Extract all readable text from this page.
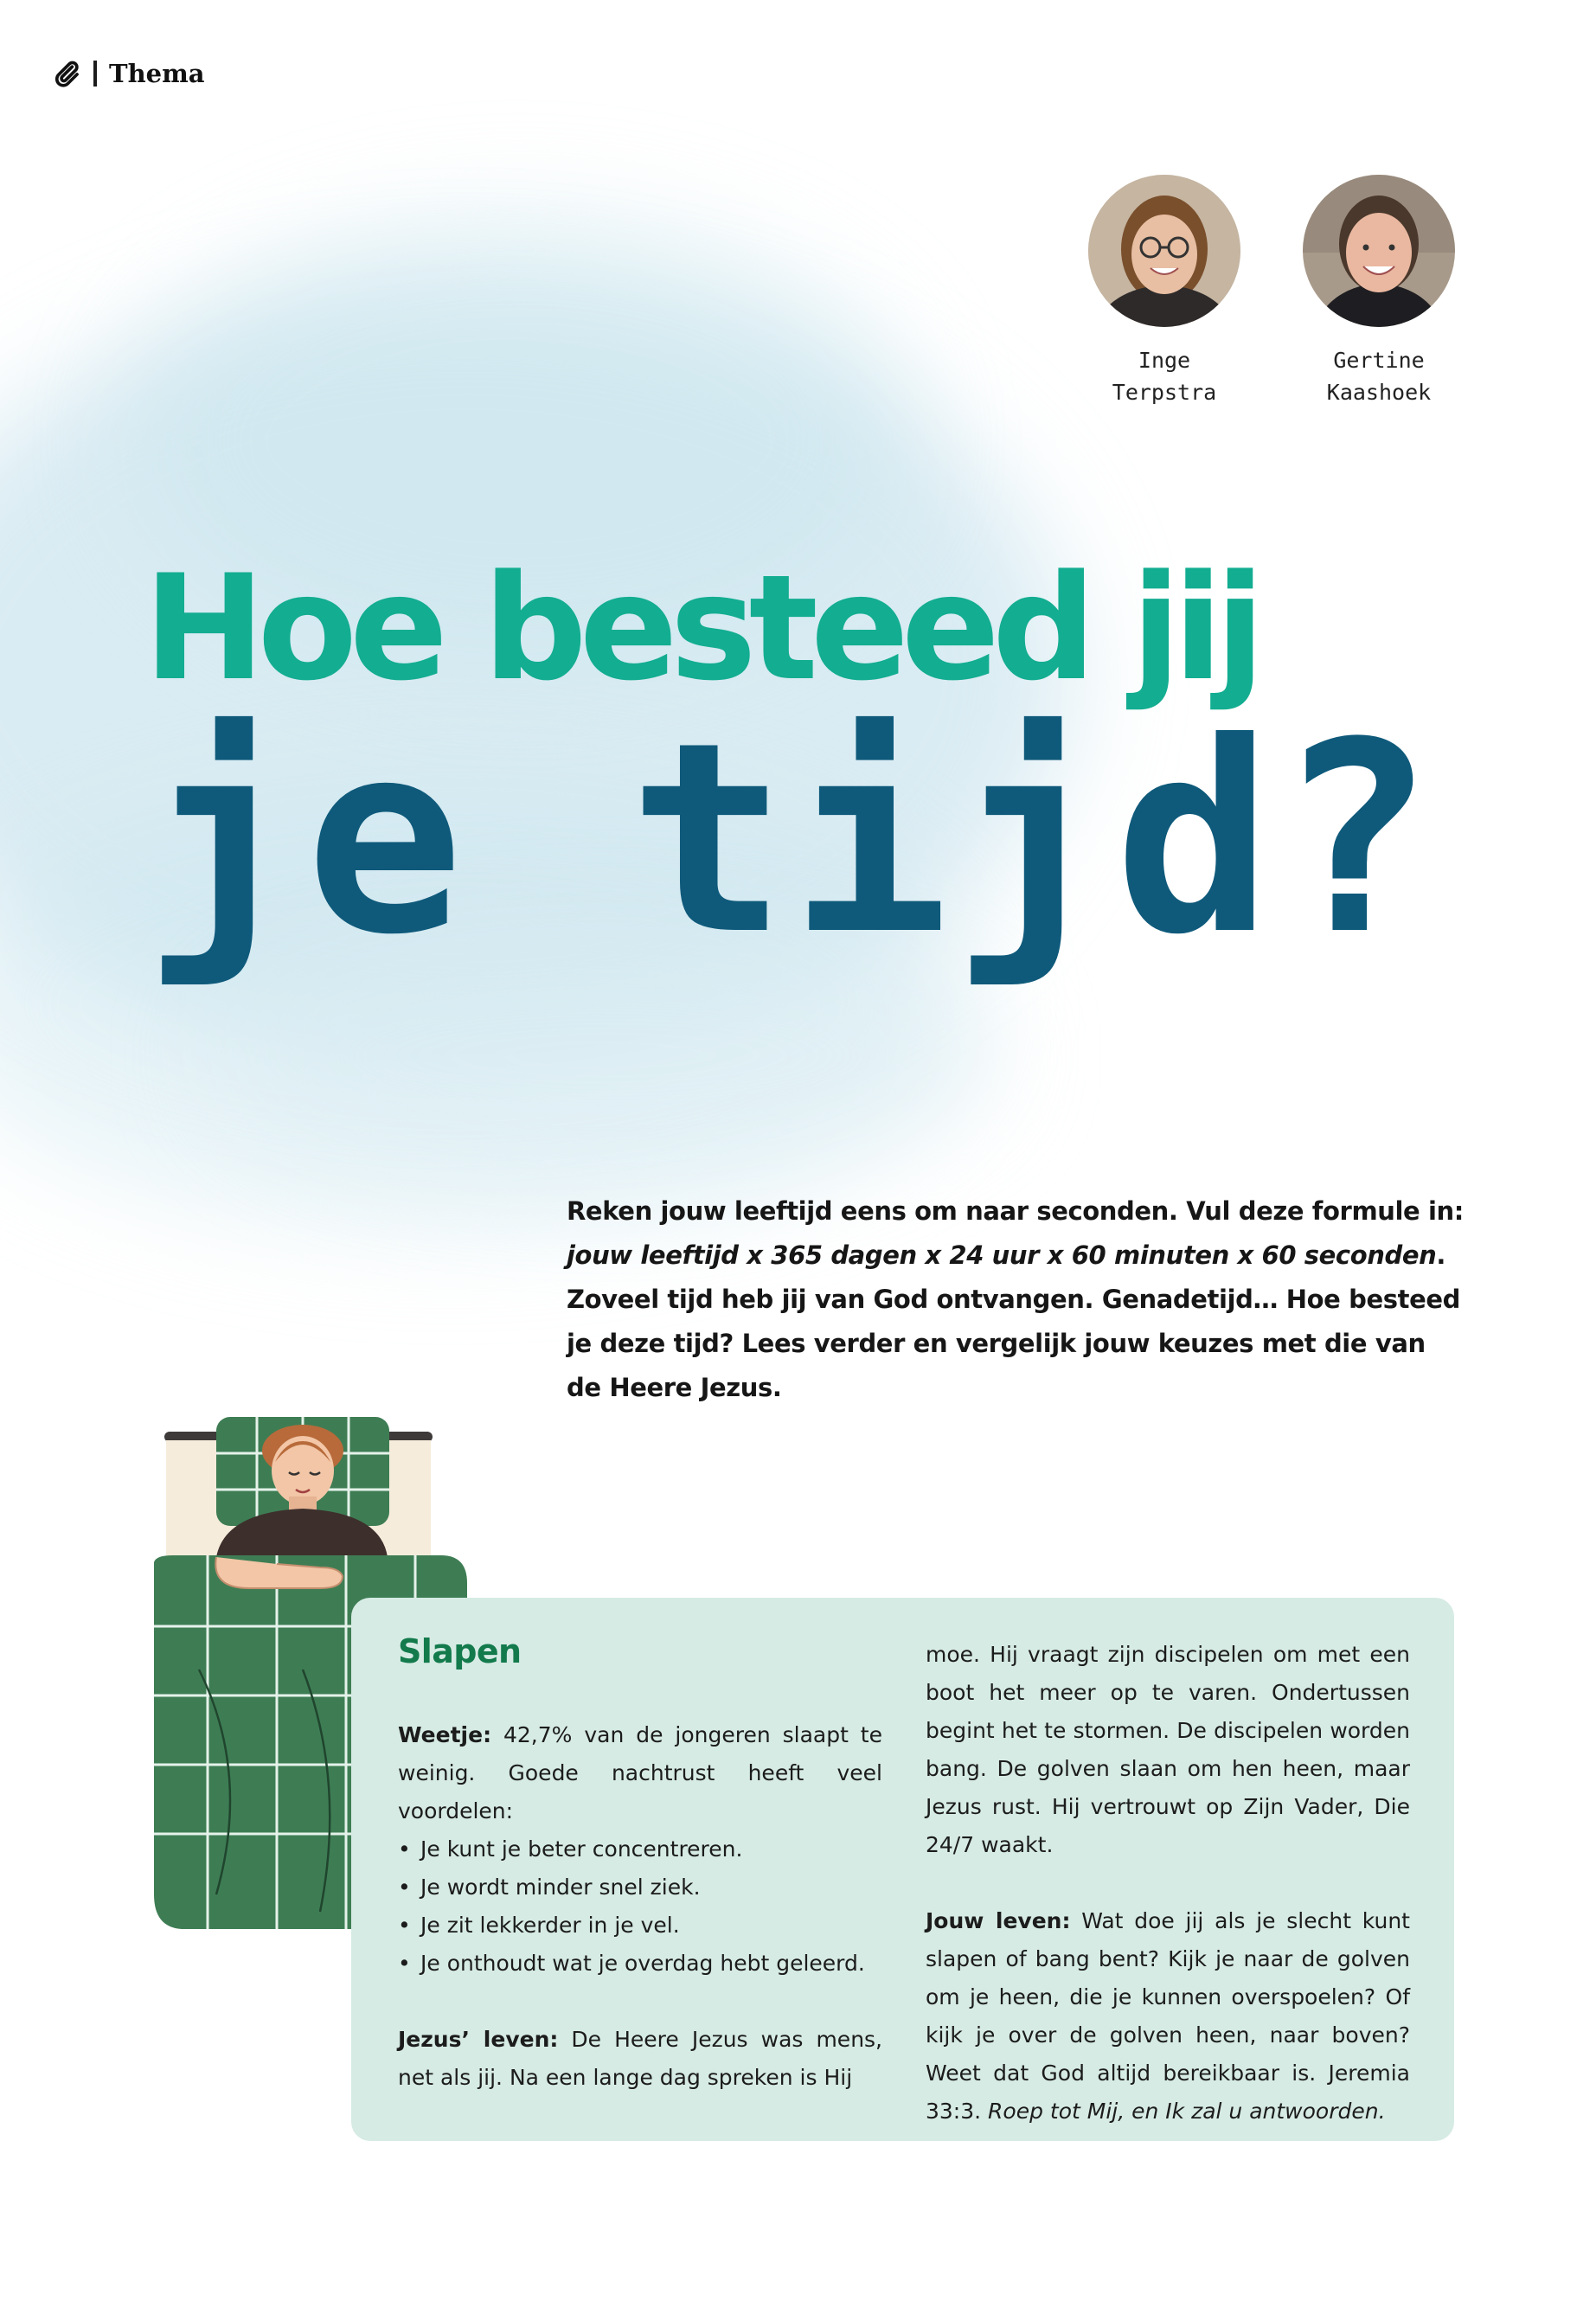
Thema
Inge
Terpstra
Gertine
Kaashoek
Hoe besteed jij
je tijd?
Reken jouw leeftijd eens om naar seconden. Vul deze formule in: jouw leeftijd x 365 dagen x 24 uur x 60 minuten x 60 seconden. Zoveel tijd heb jij van God ontvangen. Genadetijd… Hoe besteed je deze tijd? Lees verder en vergelijk jouw keuzes met die van de Heere Jezus.
Slapen

Weetje: 42,7% van de jongeren slaapt te weinig. Goede nachtrust heeft veel voordelen:

• Je kunt je beter concentreren.
• Je wordt minder snel ziek.
• Je zit lekkerder in je vel.
• Je onthoudt wat je overdag hebt geleerd.

Jezus’ leven: De Heere Jezus was mens, net als jij. Na een lange dag spreken is Hij

moe. Hij vraagt zijn discipelen om met een boot het meer op te varen. Ondertussen begint het te stormen. De discipelen worden bang. De golven slaan om hen heen, maar Jezus rust. Hij vertrouwt op Zijn Vader, Die 24/7 waakt.

Jouw leven: Wat doe jij als je slecht kunt slapen of bang bent? Kijk je naar de golven om je heen, die je kunnen overspoelen? Of kijk je over de golven heen, naar boven? Weet dat God altijd bereikbaar is. Jeremia 33:3. Roep tot Mij, en Ik zal u antwoorden.
